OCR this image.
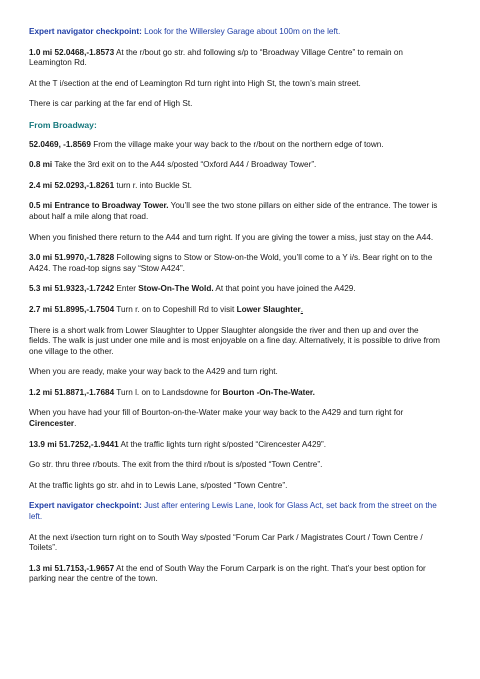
Expert navigator checkpoint: Look for the Willersley Garage about 100m on the left.

1.0 mi 52.0468,-1.8573 At the r/bout go str. ahd following s/p to “Broadway Village Centre” to remain on Leamington Rd.

At the T i/section at the end of Leamington Rd turn right into High St, the town’s main street.

There is car parking at the far end of High St.

From Broadway:

52.0469, -1.8569 From the village make your way back to the r/bout on the northern edge of town.

0.8 mi Take the 3rd exit on to the A44 s/posted “Oxford A44 / Broadway Tower”.

2.4 mi 52.0293,-1.8261 turn r. into Buckle St.

0.5 mi Entrance to Broadway Tower. You’ll see the two stone pillars on either side of the entrance. The tower is about half a mile along that road.

When you finished there return to the A44 and turn right. If you are giving the tower a miss, just stay on the A44.

3.0 mi 51.9970,-1.7828 Following signs to Stow or Stow-on-the Wold, you’ll come to a Y i/s. Bear right on to the A424. The road-top signs say “Stow A424”.

5.3 mi 51.9323,-1.7242 Enter Stow-On-The Wold. At that point you have joined the A429.

2.7 mi 51.8995,-1.7504 Turn r. on to Copeshill Rd to visit Lower Slaughter.

There is a short walk from Lower Slaughter to Upper Slaughter alongside the river and then up and over the fields. The walk is just under one mile and is most enjoyable on a fine day. Alternatively, it is possible to drive from one village to the other.

When you are ready, make your way back to the A429 and turn right.

1.2 mi 51.8871,-1.7684 Turn l. on to Landsdowne for Bourton -On-The-Water.

When you have had your fill of Bourton-on-the-Water make your way back to the A429 and turn right for Cirencester.

13.9 mi 51.7252,-1.9441 At the traffic lights turn right s/posted “Cirencester A429”.

Go str. thru three r/bouts. The exit from the third r/bout is s/posted “Town Centre”.

At the traffic lights go str. ahd in to Lewis Lane, s/posted “Town Centre”.

Expert navigator checkpoint: Just after entering Lewis Lane, look for Glass Act, set back from the street on the left.

At the next i/section turn right on to South Way s/posted “Forum Car Park / Magistrates Court / Town Centre / Toilets”.

1.3 mi 51.7153,-1.9657 At the end of South Way the Forum Carpark is on the right. That’s your best option for parking near the centre of the town.
